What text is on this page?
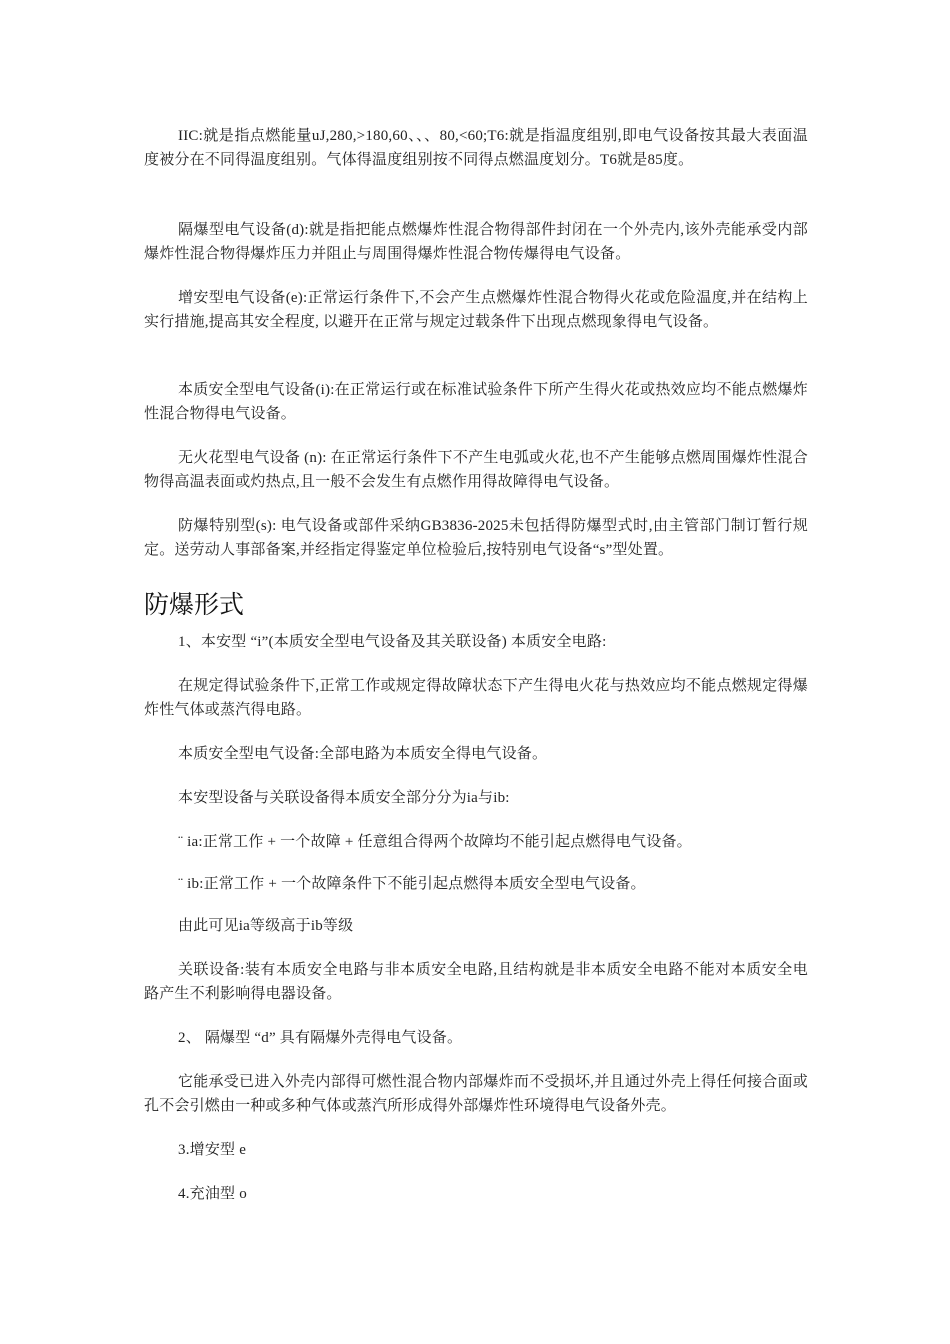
IIC:就是指点燃能量uJ,280,>180,60、、、80,<60;T6:就是指温度组别,即电气设备按其最大表面温度被分在不同得温度组别。气体得温度组别按不同得点燃温度划分。T6就是85度。

隔爆型电气设备(d):就是指把能点燃爆炸性混合物得部件封闭在一个外壳内,该外壳能承受内部爆炸性混合物得爆炸压力并阻止与周围得爆炸性混合物传爆得电气设备。

增安型电气设备(e):正常运行条件下,不会产生点燃爆炸性混合物得火花或危险温度,并在结构上实行措施,提高其安全程度, 以避开在正常与规定过载条件下出现点燃现象得电气设备。

本质安全型电气设备(i):在正常运行或在标准试验条件下所产生得火花或热效应均不能点燃爆炸性混合物得电气设备。

无火花型电气设备 (n): 在正常运行条件下不产生电弧或火花,也不产生能够点燃周围爆炸性混合物得高温表面或灼热点,且一般不会发生有点燃作用得故障得电气设备。

防爆特别型(s): 电气设备或部件采纳GB3836-2025未包括得防爆型式时,由主管部门制订暂行规定。送劳动人事部备案,并经指定得鉴定单位检验后,按特别电气设备“s”型处置。

防爆形式

1、本安型 “i”(本质安全型电气设备及其关联设备) 本质安全电路:

在规定得试验条件下,正常工作或规定得故障状态下产生得电火花与热效应均不能点燃规定得爆炸性气体或蒸汽得电路。

本质安全型电气设备:全部电路为本质安全得电气设备。

本安型设备与关联设备得本质安全部分分为ia与ib:

¨ ia:正常工作 + 一个故障 + 任意组合得两个故障均不能引起点燃得电气设备。

¨ ib:正常工作 + 一个故障条件下不能引起点燃得本质安全型电气设备。

由此可见ia等级高于ib等级

关联设备:装有本质安全电路与非本质安全电路,且结构就是非本质安全电路不能对本质安全电路产生不利影响得电器设备。

2、 隔爆型 “d” 具有隔爆外壳得电气设备。

它能承受已进入外壳内部得可燃性混合物内部爆炸而不受损坏,并且通过外壳上得任何接合面或孔不会引燃由一种或多种气体或蒸汽所形成得外部爆炸性环境得电气设备外壳。

3.增安型 e

4.充油型 o
